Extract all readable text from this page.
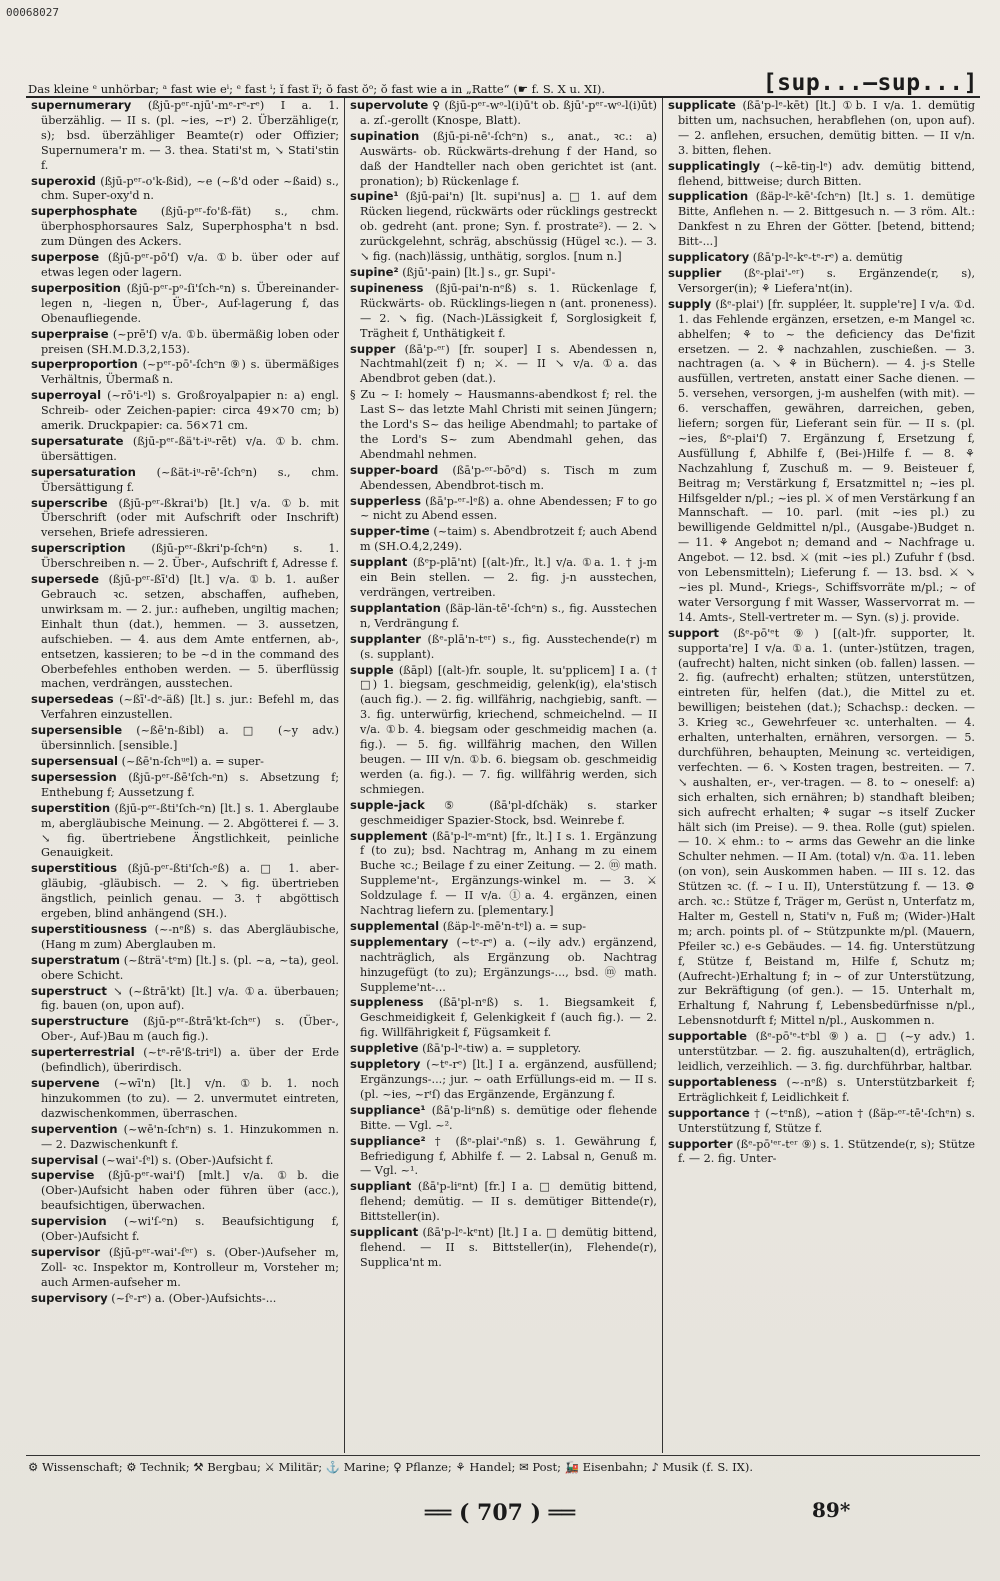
00068027
Das kleine ᵉ unhörbar; ᵃ fast wie eⁱ; ᵉ fast ⁱ; ĭ fast ĭⁱ; ŏ fast ŏᵒ; ŏ fast wie a in „Ratte“ (☛ f. S. X u. XI).	[sup...–sup...]

supernumerary (ßjū-pᵉʳ-njū'-mᵉ-rᵉ-rᵉ) I a. 1. überzählig. — II s. (pl. ~ies, ~rᶦ) 2. Überzählige(r, s); bsd. überzähliger Beamte(r) oder Offizier; Supernumera'r m. — 3. thea. Stati'st m, ↘ Stati'stin f.

superoxid (ßjū-pᵉʳ-o'k-ßid), ~e (~ß'd oder ~ßaid) s., chm. Super-oxy'd n.

superphosphate (ßjū-pᵉʳ-fo'ß-fät) s., chm. überphosphorsaures Salz, Superphospha't n bsd. zum Düngen des Ackers.

superpose (ßjū-pᵉʳ-pō'ſ) v/a. ①b. über oder auf etwas legen oder lagern.

superposition (ßjū-pᵉʳ-pᵒ-ſi'ſch-ᵉn) s. Übereinander-legen n, -liegen n, Über-, Auf-lagerung f, das Obenaufliegende.

superpraise (~prē'ſ) v/a. ①b. übermäßig loben oder preisen (SH.M.D.3,2,153).

superproportion (~pᵉʳ-pō'-ſchᵉn ⑨) s. übermäßiges Verhältnis, Übermaß n.

superroyal (~rō'i-ᵉl) s. Großroyalpapier n: a) engl. Schreib- oder Zeichen-papier: circa 49×70 cm; b) amerik. Druckpapier: ca. 56×71 cm.

supersaturate (ßjū-pᵉʳ-ßä't-iᵘ-rēt) v/a. ①b. chm. übersättigen.

supersaturation (~ßät-iᵘ-rē'-ſchᵉn) s., chm. Übersättigung f.

superscribe (ßjū-pᵉʳ-ßkrai'b) [lt.] v/a. ①b. mit Überschrift (oder mit Aufschrift oder Inschrift) versehen, Briefe adressieren.

superscription (ßjū-pᵉʳ-ßkri'p-ſchᵉn) s. 1. Überschreiben n. — 2. Über-, Aufschrift f, Adresse f.

supersede (ßjū-pᵉʳ-ßī'd) [lt.] v/a. ①b. 1. außer Gebrauch ꝛc. setzen, abschaffen, aufheben, unwirksam m. — 2. jur.: aufheben, ungiltig machen; Einhalt thun (dat.), hemmen. — 3. aussetzen, aufschieben. — 4. aus dem Amte entfernen, ab-, entsetzen, kassieren; to be ~d in the command des Oberbefehles enthoben werden. — 5. überflüssig machen, verdrängen, ausstechen.

supersedeas (~ßī'-dᵉ-äß) [lt.] s. jur.: Befehl m, das Verfahren einzustellen.

supersensible (~ßē'n-ßibl) a. □ (~y adv.) übersinnlich. [sensible.]

supersensual (~ßē'n-ſchᵘᵉl) a. = super-

supersession (ßjū-pᵉʳ-ßē'ſch-ᵉn) s. Absetzung f; Enthebung f; Aussetzung f.

superstition (ßjū-pᵉʳ-ßti'ſch-ᵉn) [lt.] s. 1. Aberglaube m, abergläubische Meinung. — 2. Abgötterei f. — 3. ↘ fig. übertriebene Ängstlichkeit, peinliche Genauigkeit.

superstitious (ßjū-pᵉʳ-ßti'ſch-ᵉß) a. □ 1. aber-gläubig, -gläubisch. — 2. ↘ fig. übertrieben ängstlich, peinlich genau. — 3. † abgöttisch ergeben, blind anhängend (SH.).

superstitiousness (~-nᵉß) s. das Abergläubische, (Hang m zum) Aberglauben m.

superstratum (~ßträ'-tᵉm) [lt.] s. (pl. ~a, ~ta), geol. obere Schicht.

superstruct ↘ (~ßtrā'kt) [lt.] v/a. ①a. überbauen; fig. bauen (on, upon auf).

superstructure (ßjū-pᵉʳ-ßtrā'kt-ſchᵉʳ) s. (Über-, Ober-, Auf-)Bau m (auch fig.).

superterrestrial (~tᵉ-rē'ß-triᵉl) a. über der Erde (befindlich), überirdisch.

supervene (~wī'n) [lt.] v/n. ①b. 1. noch hinzukommen (to zu). — 2. unvermutet eintreten, dazwischenkommen, überraschen.

supervention (~wē'n-ſchᵉn) s. 1. Hinzukommen n. — 2. Dazwischenkunft f.

supervisal (~wai'-ſᵉl) s. (Ober-)Aufsicht f.

supervise (ßjū-pᵉʳ-wai'ſ) [mlt.] v/a. ①b. die (Ober-)Aufsicht haben oder führen über (acc.), beaufsichtigen, überwachen.

supervision (~wi'ſ-ᵉn) s. Beaufsichtigung f, (Ober-)Aufsicht f.

supervisor (ßjū-pᵉʳ-wai'-ſᵉʳ) s. (Ober-)Aufseher m, Zoll- ꝛc. Inspektor m, Kontrolleur m, Vorsteher m; auch Armen-aufseher m.

supervisory (~ſᵉ-rᵉ) a. (Ober-)Aufsichts-...

supervolute ♀ (ßjū-pᵉʳ-wᵒ-l(i)ū't ob. ßjū'-pᵉʳ-wᵒ-l(i)ūt) a. zſ.-gerollt (Knospe, Blatt).

supination (ßjū-pi-nē'-ſchᵉn) s., anat., ꝛc.: a) Auswärts- ob. Rückwärts-drehung f der Hand, so daß der Handteller nach oben gerichtet ist (ant. pronation); b) Rückenlage f.

supine¹ (ßjū-pai'n) [lt. supi'nus] a. □ 1. auf dem Rücken liegend, rückwärts oder rücklings gestreckt ob. gedreht (ant. prone; Syn. f. prostrate²). — 2. ↘ zurückgelehnt, schräg, abschüssig (Hügel ꝛc.). — 3. ↘ fig. (nach)lässig, unthätig, sorglos. [num n.]

supine² (ßjū'-pain) [lt.] s., gr. Supi'-

supineness (ßjū-pai'n-nᵉß) s. 1. Rückenlage f, Rückwärts- ob. Rücklings-liegen n (ant. proneness). — 2. ↘ fig. (Nach-)Lässigkeit f, Sorglosigkeit f, Trägheit f, Unthätigkeit f.

supper (ßā'p-ᵉʳ) [fr. souper] I s. Abendessen n, Nachtmahl(zeit f) n; ⚔. — II ↘ v/a. ①a. das Abendbrot geben (dat.).

§ Zu ~ I: homely ~ Hausmanns-abendkost f; rel. the Last S~ das letzte Mahl Christi mit seinen Jüngern; the Lord's S~ das heilige Abendmahl; to partake of the Lord's S~ zum Abendmahl gehen, das Abendmahl nehmen.

supper-board (ßā'p-ᵉʳ-bōᵉd) s. Tisch m zum Abendessen, Abendbrot-tisch m.

supperless (ßā'p-ᵉʳ-lᵉß) a. ohne Abendessen; F to go ~ nicht zu Abend essen.

supper-time (~taim) s. Abendbrotzeit f; auch Abend m (SH.O.4,2,249).

supplant (ßᵉp-plā'nt) [(alt-)fr., lt.] v/a. ①a. 1. † j-m ein Bein stellen. — 2. fig. j-n ausstechen, verdrängen, vertreiben.

supplantation (ßäp-län-tē'-ſchᵉn) s., fig. Ausstechen n, Verdrängung f.

supplanter (ßᵉ-plā'n-tᵉʳ) s., fig. Ausstechende(r) m (s. supplant).

supple (ßāpl) [(alt-)fr. souple, lt. su'pplicem] I a. († □) 1. biegsam, geschmeidig, gelenk(ig), ela'stisch (auch fig.). — 2. fig. willfährig, nachgiebig, sanft. — 3. fig. unterwürfig, kriechend, schmeichelnd. — II v/a. ①b. 4. biegsam oder geschmeidig machen (a. fig.). — 5. fig. willfährig machen, den Willen beugen. — III v/n. ①b. 6. biegsam ob. geschmeidig werden (a. fig.). — 7. fig. willfährig werden, sich schmiegen.

supple-jack ⑤ (ßā'pl-dſchäk) s. starker geschmeidiger Spazier-Stock, bsd. Weinrebe f.

supplement (ßā'p-lᵉ-mᵉnt) [fr., lt.] I s. 1. Ergänzung f (to zu); bsd. Nachtrag m, Anhang m zu einem Buche ꝛc.; Beilage f zu einer Zeitung. — 2. ⓜ math. Suppleme'nt-, Ergänzungs-winkel m. — 3. ⚔ Soldzulage f. — II v/a. ①a. 4. ergänzen, einen Nachtrag liefern zu. [plementary.]

supplemental (ßäp-lᵉ-mē'n-tᵉl) a. = sup-

supplementary (~tᵉ-rᵉ) a. (~ily adv.) ergänzend, nachträglich, als Ergänzung ob. Nachtrag hinzugefügt (to zu); Ergänzungs-..., bsd. ⓜ math. Suppleme'nt-...

suppleness (ßā'pl-nᵉß) s. 1. Biegsamkeit f, Geschmeidigkeit f, Gelenkigkeit f (auch fig.). — 2. fig. Willfährigkeit f, Fügsamkeit f.

suppletive (ßā'p-lᵉ-tiw) a. = suppletory.

suppletory (~tᵉ-rᵉ) [lt.] I a. ergänzend, ausfüllend; Ergänzungs-...; jur. ~ oath Erfüllungs-eid m. — II s. (pl. ~ies, ~rᶦſ) das Ergänzende, Ergänzung f.

suppliance¹ (ßā'p-liᵉnß) s. demütige oder flehende Bitte. — Vgl. ~².

suppliance² † (ßᵉ-plai'-ᵉnß) s. 1. Gewährung f, Befriedigung f, Abhilfe f. — 2. Labsal n, Genuß m. — Vgl. ~¹.

suppliant (ßā'p-liᵉnt) [fr.] I a. □ demütig bittend, flehend; demütig. — II s. demütiger Bittende(r), Bittsteller(in).

supplicant (ßā'p-lᵉ-kᵉnt) [lt.] I a. □ demütig bittend, flehend. — II s. Bittsteller(in), Flehende(r), Supplica'nt m.

supplicate (ßā'p-lᵉ-kēt) [lt.] ①b. I v/a. 1. demütig bitten um, nachsuchen, herabflehen (on, upon auf). — 2. anflehen, ersuchen, demütig bitten. — II v/n. 3. bitten, flehen.

supplicatingly (~kē-tiŋ-lᵉ) adv. demütig bittend, flehend, bittweise; durch Bitten.

supplication (ßäp-lᵉ-kē'-ſchᵉn) [lt.] s. 1. demütige Bitte, Anflehen n. — 2. Bittgesuch n. — 3 röm. Alt.: Dankfest n zu Ehren der Götter. [betend, bittend; Bitt-...]

supplicatory (ßā'p-lᵉ-kᵉ-tᵉ-rᵉ) a. demütig

supplier (ßᵉ-plai'-ᵉʳ) s. Ergänzende(r, s), Versorger(in); ⚘ Liefera'nt(in).

supply (ßᵉ-plai') [fr. suppléer, lt. supple're] I v/a. ①d. 1. das Fehlende ergänzen, ersetzen, e-m Mangel ꝛc. abhelfen; ⚘ to ~ the deficiency das De'fizit ersetzen. — 2. ⚘ nachzahlen, zuschießen. — 3. nachtragen (a. ↘ ⚘ in Büchern). — 4. j-s Stelle ausfüllen, vertreten, anstatt einer Sache dienen. — 5. versehen, versorgen, j-m aushelfen (with mit). — 6. verschaffen, gewähren, darreichen, geben, liefern; sorgen für, Lieferant sein für. — II s. (pl. ~ies, ßᵉ-plai'ſ) 7. Ergänzung f, Ersetzung f, Ausfüllung f, Abhilfe f, (Bei-)Hilfe f. — 8. ⚘ Nachzahlung f, Zuschuß m. — 9. Beisteuer f, Beitrag m; Verstärkung f, Ersatzmittel n; ~ies pl. Hilfsgelder n/pl.; ~ies pl. ⚔ of men Verstärkung f an Mannschaft. — 10. parl. (mit ~ies pl.) zu bewilligende Geldmittel n/pl., (Ausgabe-)Budget n. — 11. ⚘ Angebot n; demand and ~ Nachfrage u. Angebot. — 12. bsd. ⚔ (mit ~ies pl.) Zufuhr f (bsd. von Lebensmitteln); Lieferung f. — 13. bsd. ⚔ ↘ ~ies pl. Mund-, Kriegs-, Schiffsvorräte m/pl.; ~ of water Versorgung f mit Wasser, Wasservorrat m. — 14. Amts-, Stell-vertreter m. — Syn. (s) j. provide.

support (ßᵉ-pō'ᵉt ⑨) [(alt-)fr. supporter, lt. supporta're] I v/a. ①a. 1. (unter-)stützen, tragen, (aufrecht) halten, nicht sinken (ob. fallen) lassen. — 2. fig. (aufrecht) erhalten; stützen, unterstützen, eintreten für, helfen (dat.), die Mittel zu et. bewilligen; beistehen (dat.); Schachsp.: decken. — 3. Krieg ꝛc., Gewehrfeuer ꝛc. unterhalten. — 4. erhalten, unterhalten, ernähren, versorgen. — 5. durchführen, behaupten, Meinung ꝛc. verteidigen, verfechten. — 6. ↘ Kosten tragen, bestreiten. — 7. ↘ aushalten, er-, ver-tragen. — 8. to ~ oneself: a) sich erhalten, sich ernähren; b) standhaft bleiben; sich aufrecht erhalten; ⚘ sugar ~s itself Zucker hält sich (im Preise). — 9. thea. Rolle (gut) spielen. — 10. ⚔ ehm.: to ~ arms das Gewehr an die linke Schulter nehmen. — II Am. (total) v/n. ①a. 11. leben (on von), sein Auskommen haben. — III s. 12. das Stützen ꝛc. (f. ~ I u. II), Unterstützung f. — 13. ⚙ arch. ꝛc.: Stütze f, Träger m, Gerüst n, Unterfatz m, Halter m, Gestell n, Stati'v n, Fuß m; (Wider-)Halt m; arch. points pl. of ~ Stützpunkte m/pl. (Mauern, Pfeiler ꝛc.) e-s Gebäudes. — 14. fig. Unterstützung f, Stütze f, Beistand m, Hilfe f, Schutz m; (Aufrecht-)Erhaltung f; in ~ of zur Unterstützung, zur Bekräftigung (of gen.). — 15. Unterhalt m, Erhaltung f, Nahrung f, Lebensbedürfnisse n/pl., Lebensnotdurft f; Mittel n/pl., Auskommen n.

supportable (ßᵉ-pō'ᵉ-tᵉbl ⑨) a. □ (~y adv.) 1. unterstützbar. — 2. fig. auszuhalten(d), erträglich, leidlich, verzeihlich. — 3. fig. durchführbar, haltbar.

supportableness (~-nᵉß) s. Unterstützbarkeit f; Erträglichkeit f, Leidlichkeit f.

supportance † (~tᵉnß), ~ation † (ßäp-ᵉʳ-tē'-ſchᵉn) s. Unterstützung f, Stütze f.

supporter (ßᵉ-pō'ᵉʳ-tᵉʳ ⑨) s. 1. Stützende(r, s); Stütze f. — 2. fig. Unter-

⚙ Wissenschaft; ⚙ Technik; ⚒ Bergbau; ⚔ Militär; ⚓ Marine; ♀ Pflanze; ⚘ Handel; ✉ Post; 🚂 Eisenbahn; ♪ Musik (f. S. IX).
══ ( 707 ) ══	89*
